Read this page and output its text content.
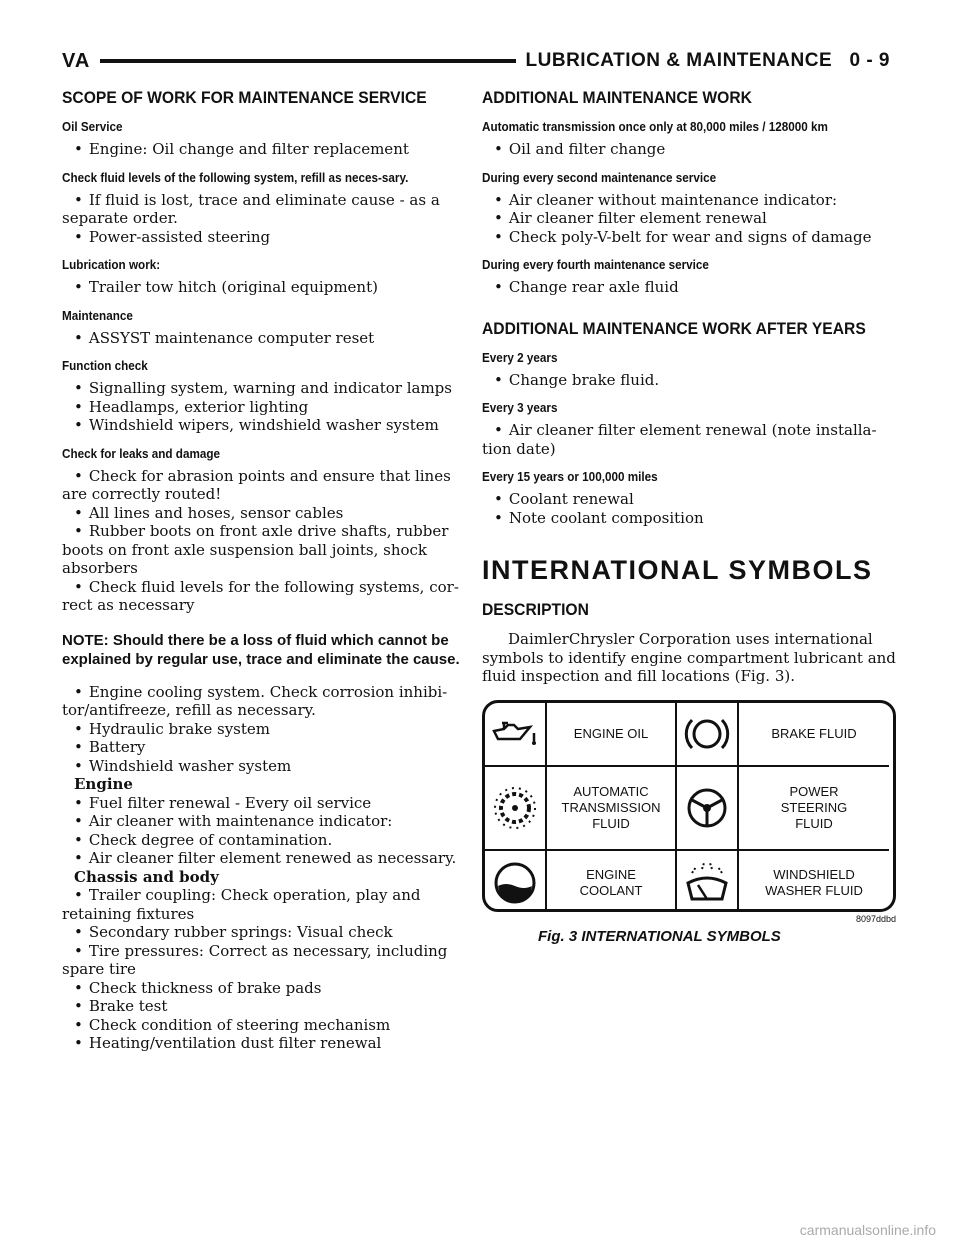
VA	LUBRICATION & MAINTENANCE   0 - 9
SCOPE OF WORK FOR MAINTENANCE SERVICE
Oil Service

• Engine: Oil change and filter replacement

Check fluid levels of the following system, refill as neces-sary.

• If fluid is lost, trace and eliminate cause - as a separate order.

• Power-assisted steering

Lubrication work:

• Trailer tow hitch (original equipment)

Maintenance

• ASSYST maintenance computer reset

Function check

• Signalling system, warning and indicator lamps

• Headlamps, exterior lighting

• Windshield wipers, windshield washer system

Check for leaks and damage

• Check for abrasion points and ensure that lines are correctly routed!

• All lines and hoses, sensor cables

• Rubber boots on front axle drive shafts, rubber boots on front axle suspension ball joints, shock absorbers

• Check fluid levels for the following systems, cor-rect as necessary

NOTE: Should there be a loss of fluid which cannot be explained by regular use, trace and eliminate the cause.

• Engine cooling system. Check corrosion inhibi-tor/antifreeze, refill as necessary.

• Hydraulic brake system

• Battery

• Windshield washer system

Engine

• Fuel filter renewal - Every oil service

• Air cleaner with maintenance indicator:

• Check degree of contamination.

• Air cleaner filter element renewed as necessary.

Chassis and body

• Trailer coupling: Check operation, play and retaining fixtures

• Secondary rubber springs: Visual check

• Tire pressures: Correct as necessary, including spare tire

• Check thickness of brake pads

• Brake test

• Check condition of steering mechanism

• Heating/ventilation dust filter renewal

ADDITIONAL MAINTENANCE WORK
Automatic transmission once only at 80,000 miles / 128000 km

• Oil and filter change

During every second maintenance service

• Air cleaner without maintenance indicator:

• Air cleaner filter element renewal

• Check poly-V-belt for wear and signs of damage

During every fourth maintenance service

• Change rear axle fluid

ADDITIONAL MAINTENANCE WORK AFTER YEARS
Every 2 years

• Change brake fluid.

Every 3 years

• Air cleaner filter element renewal (note installa-tion date)

Every 15 years or 100,000 miles

• Coolant renewal

• Note coolant composition

INTERNATIONAL SYMBOLS
DESCRIPTION

DaimlerChrysler Corporation uses international symbols to identify engine compartment lubricant and fluid inspection and fill locations (Fig. 3).

ENGINE OIL	BRAKE FLUID
AUTOMATIC
TRANSMISSION
FLUID
POWER
STEERING
FLUID
ENGINE
COOLANT
WINDSHIELD
WASHER FLUID
8097ddbd
Fig. 3 INTERNATIONAL SYMBOLS
carmanualsonline.info
